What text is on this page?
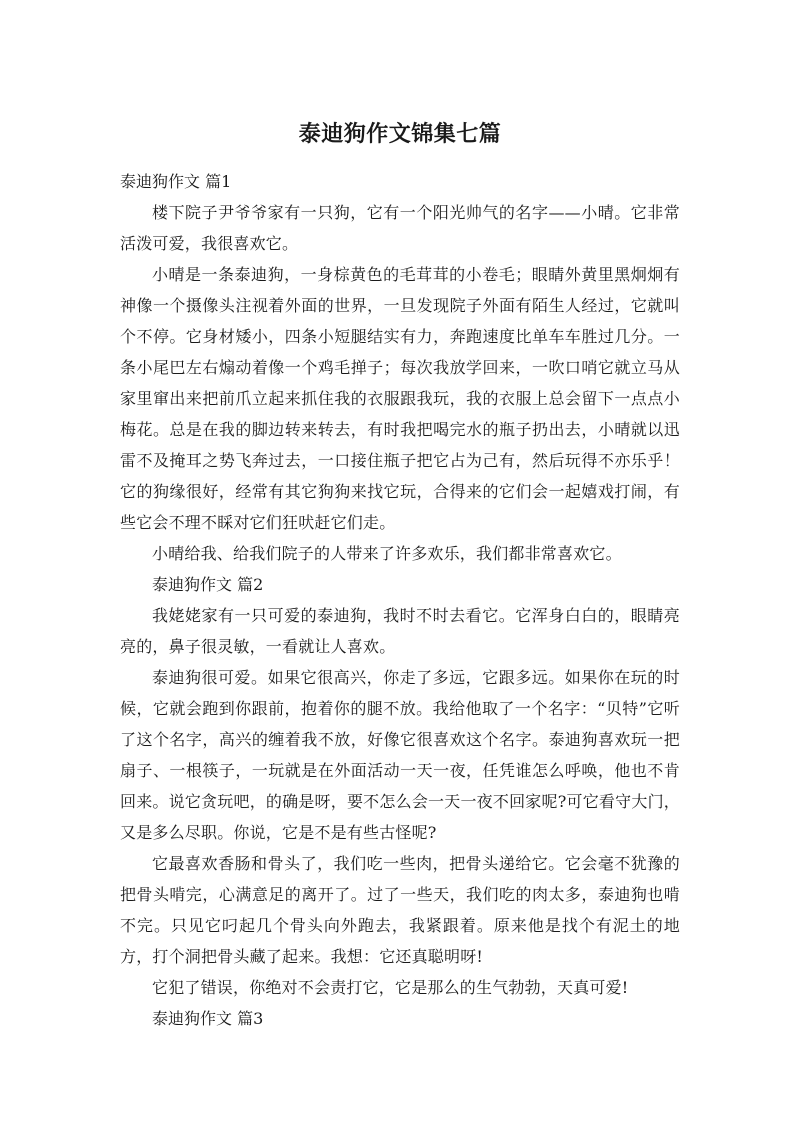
泰迪狗作文锦集七篇

泰迪狗作文 篇1

楼下院子尹爷爷家有一只狗，它有一个阳光帅气的名字——小晴。它非常活泼可爱，我很喜欢它。

小晴是一条泰迪狗，一身棕黄色的毛茸茸的小卷毛；眼睛外黄里黑炯炯有神像一个摄像头注视着外面的世界，一旦发现院子外面有陌生人经过，它就叫个不停。它身材矮小，四条小短腿结实有力，奔跑速度比单车车胜过几分。一条小尾巴左右煽动着像一个鸡毛掸子；每次我放学回来，一吹口哨它就立马从家里窜出来把前爪立起来抓住我的衣服跟我玩，我的衣服上总会留下一点点小梅花。总是在我的脚边转来转去，有时我把喝完水的瓶子扔出去，小晴就以迅雷不及掩耳之势飞奔过去，一口接住瓶子把它占为己有，然后玩得不亦乐乎！它的狗缘很好，经常有其它狗狗来找它玩，合得来的它们会一起嬉戏打闹，有些它会不理不睬对它们狂吠赶它们走。

小晴给我、给我们院子的人带来了许多欢乐，我们都非常喜欢它。

泰迪狗作文 篇2

我姥姥家有一只可爱的泰迪狗，我时不时去看它。它浑身白白的，眼睛亮亮的，鼻子很灵敏，一看就让人喜欢。

泰迪狗很可爱。如果它很高兴，你走了多远，它跟多远。如果你在玩的时候，它就会跑到你跟前，抱着你的腿不放。我给他取了一个名字：“贝特”它听了这个名字，高兴的缠着我不放，好像它很喜欢这个名字。泰迪狗喜欢玩一把扇子、一根筷子，一玩就是在外面活动一天一夜，任凭谁怎么呼唤，他也不肯回来。说它贪玩吧，的确是呀，要不怎么会一天一夜不回家呢?可它看守大门，又是多么尽职。你说，它是不是有些古怪呢?

它最喜欢香肠和骨头了，我们吃一些肉，把骨头递给它。它会毫不犹豫的把骨头啃完，心满意足的离开了。过了一些天，我们吃的肉太多，泰迪狗也啃不完。只见它叼起几个骨头向外跑去，我紧跟着。原来他是找个有泥土的地方，打个洞把骨头藏了起来。我想：它还真聪明呀!

它犯了错误，你绝对不会责打它，它是那么的生气勃勃，天真可爱!

泰迪狗作文 篇3
